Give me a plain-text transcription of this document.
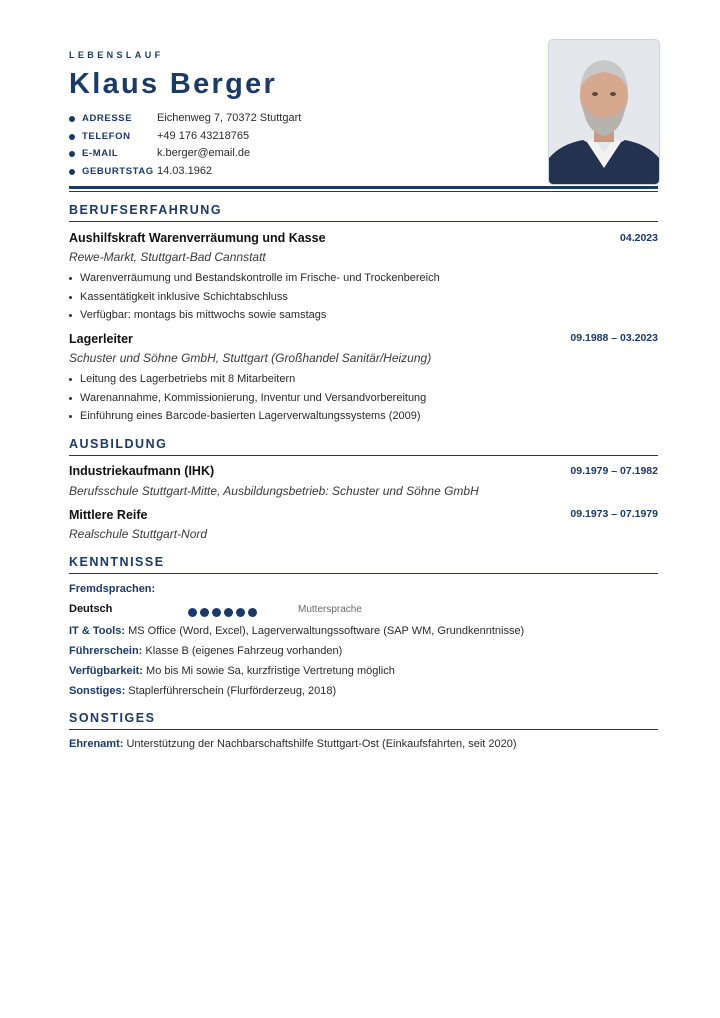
LEBENSLAUF
Klaus Berger
ADRESSE Eichenweg 7, 70372 Stuttgart
TELEFON +49 176 43218765
E-MAIL	k.berger@email.de
GEBURTSTAG 14.03.1962
BERUFSERFAHRUNG
Aushilfskraft Warenverräumung und Kasse	04.2023
Rewe-Markt, Stuttgart-Bad Cannstatt
Warenverräumung und Bestandskontrolle im Frische- und Trockenbereich
Kassentätigkeit inklusive Schichtabschluss
Verfügbar: montags bis mittwochs sowie samstags
Lagerleiter	09.1988 – 03.2023
Schuster und Söhne GmbH, Stuttgart (Großhandel Sanitär/Heizung)
Leitung des Lagerbetriebs mit 8 Mitarbeitern
Warenannahme, Kommissionierung, Inventur und Versandvorbereitung
Einführung eines Barcode-basierten Lagerverwaltungssystems (2009)
AUSBILDUNG
Industriekaufmann (IHK)	09.1979 – 07.1982
Berufsschule Stuttgart-Mitte, Ausbildungsbetrieb: Schuster und Söhne GmbH
Mittlere Reife	09.1973 – 07.1979
Realschule Stuttgart-Nord
KENNTNISSE
Fremdsprachen:
Deutsch	Muttersprache
IT & Tools: MS Office (Word, Excel), Lagerverwaltungssoftware (SAP WM, Grundkenntnisse)
Führerschein: Klasse B (eigenes Fahrzeug vorhanden)
Verfügbarkeit: Mo bis Mi sowie Sa, kurzfristige Vertretung möglich
Sonstiges: Staplerführerschein (Flurförderzeug, 2018)
SONSTIGES
Ehrenamt: Unterstützung der Nachbarschaftshilfe Stuttgart-Ost (Einkaufsfahrten, seit 2020)
